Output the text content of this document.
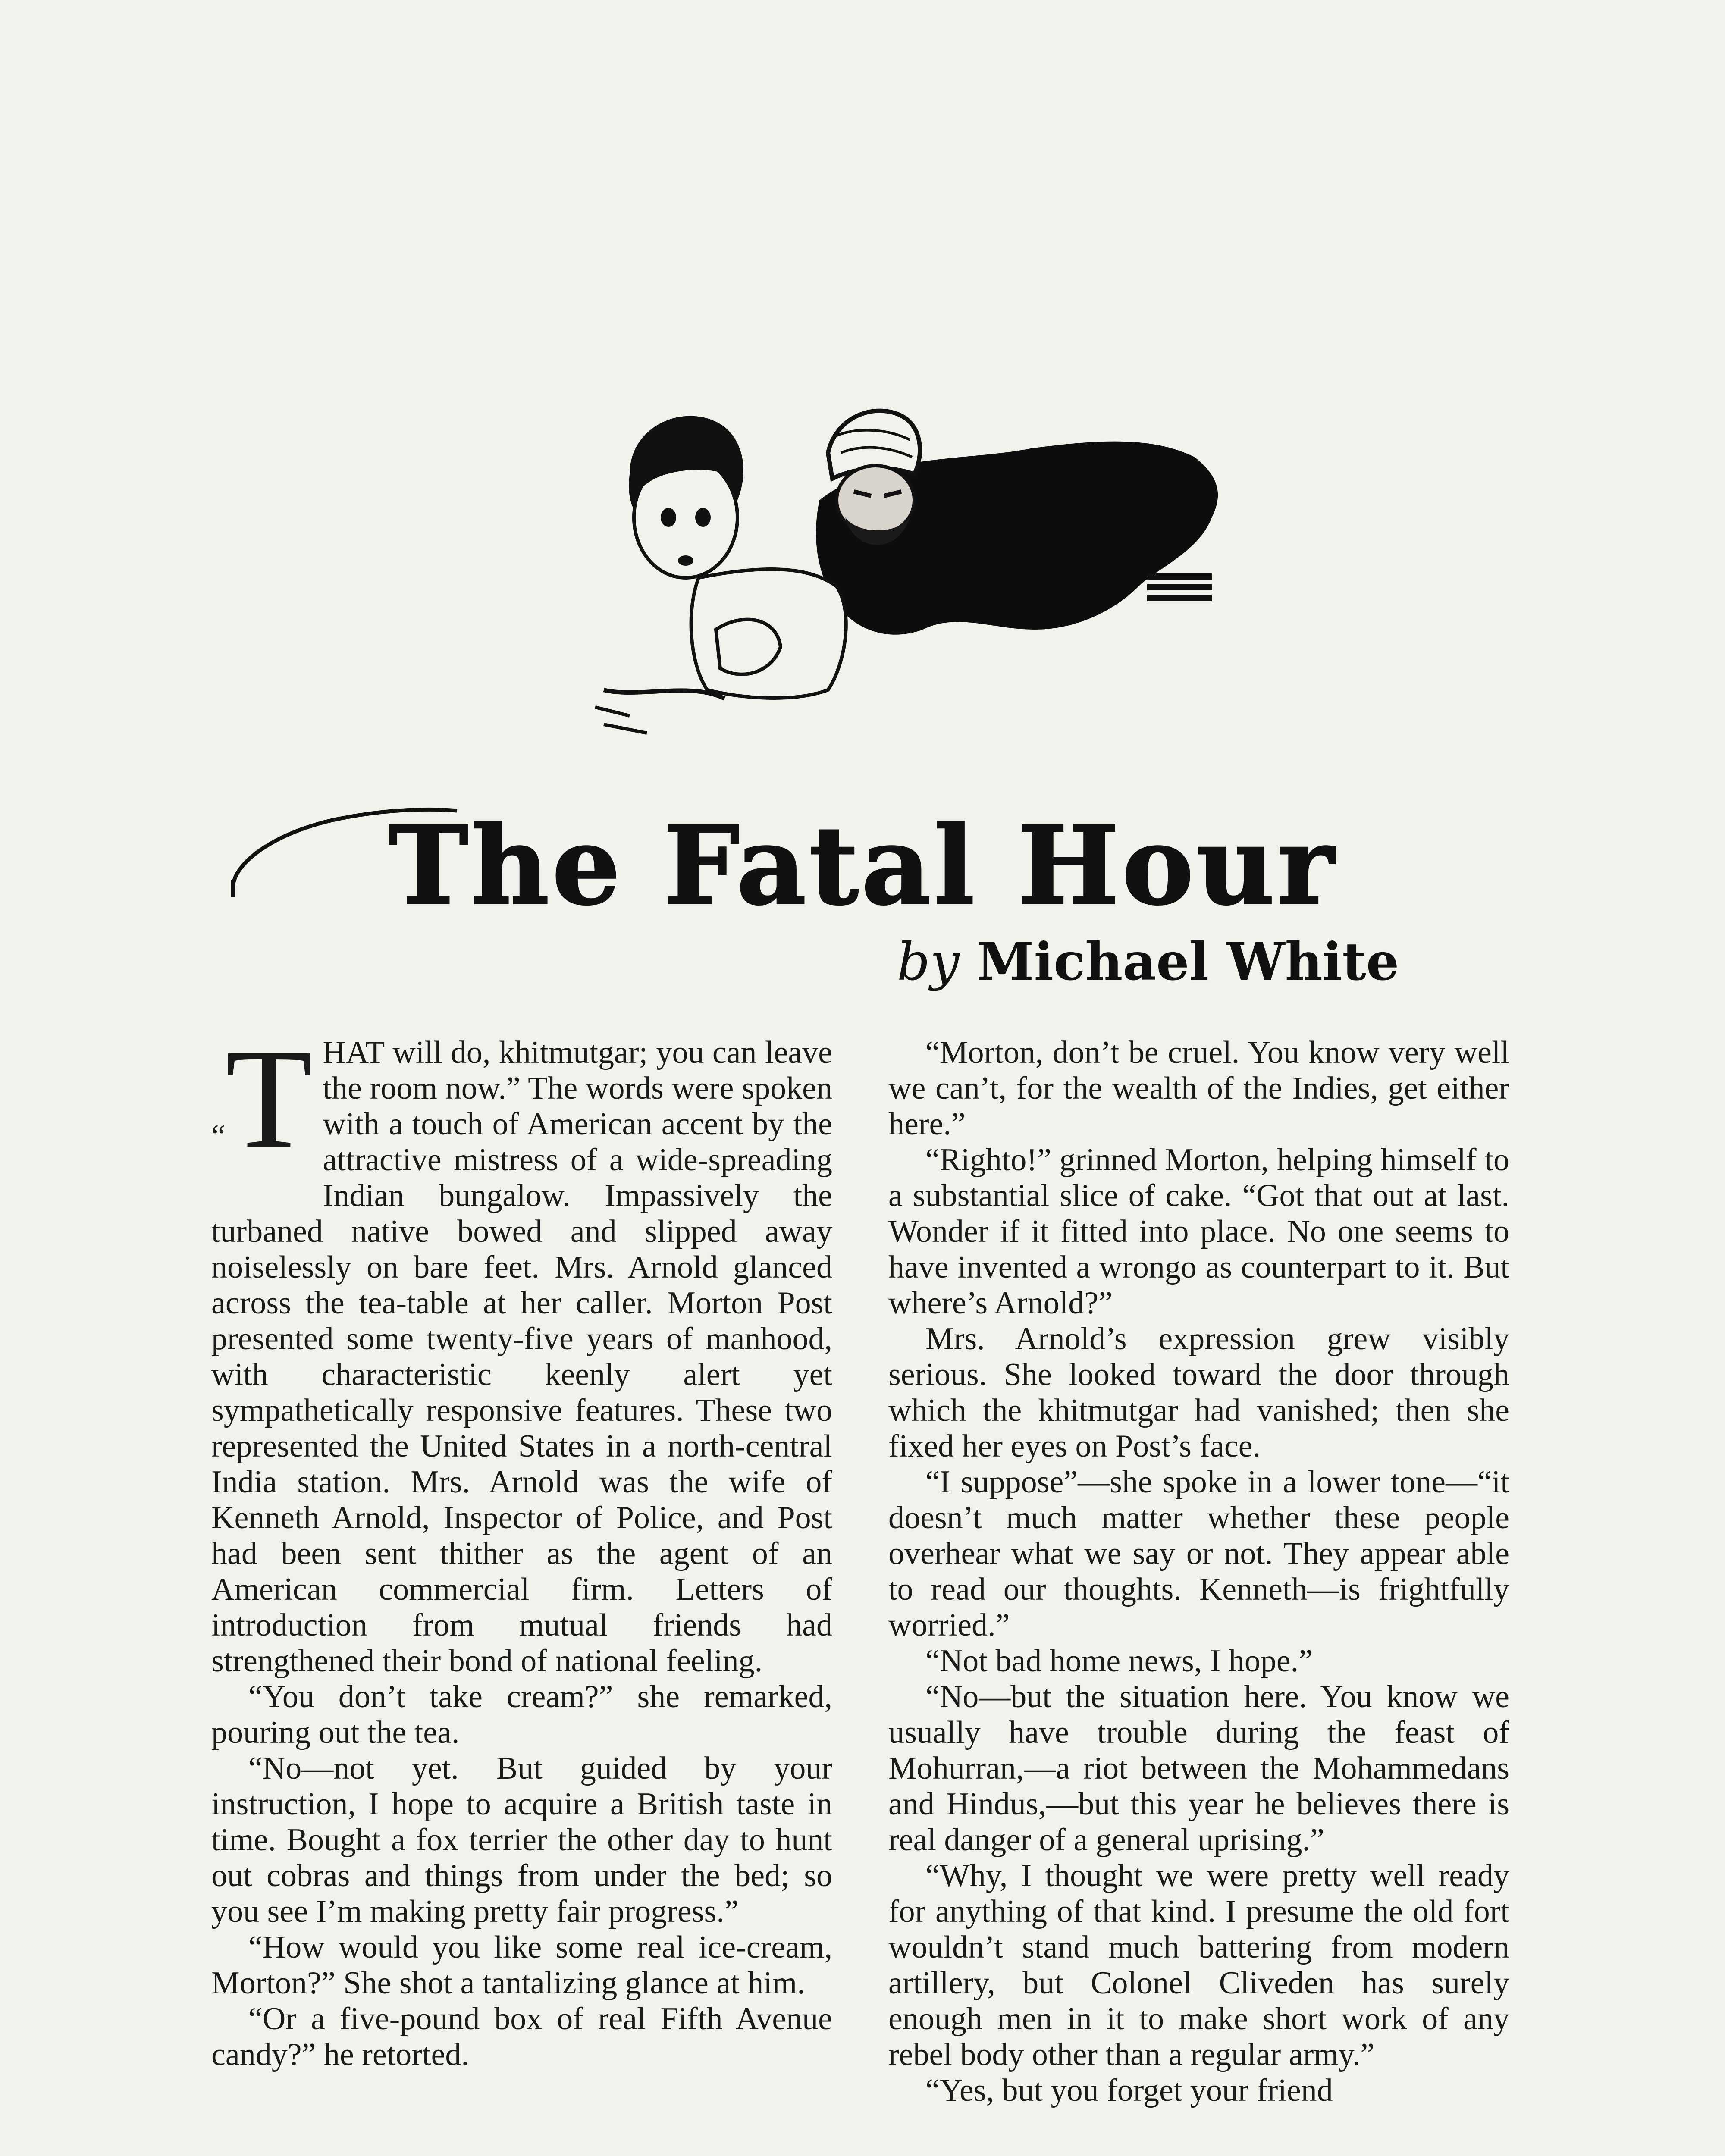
The Fatal Hour
by Michael White

“T HAT will do, khitmutgar; you can leave the room now.” The words were spoken with a touch of American accent by the attractive mistress of a wide-spreading Indian bungalow. Impassively the turbaned native bowed and slipped away noiselessly on bare feet. Mrs. Arnold glanced across the tea-table at her caller. Morton Post presented some twenty-five years of manhood, with characteristic keenly alert yet sympathetically responsive features. These two represented the United States in a north-central India station. Mrs. Arnold was the wife of Kenneth Arnold, Inspector of Police, and Post had been sent thither as the agent of an American commercial firm. Letters of introduction from mutual friends had strengthened their bond of national feeling.

“You don’t take cream?” she remarked, pouring out the tea.

“No—not yet. But guided by your instruction, I hope to acquire a British taste in time. Bought a fox terrier the other day to hunt out cobras and things from under the bed; so you see I’m making pretty fair progress.”

“How would you like some real ice-cream, Morton?” She shot a tantalizing glance at him.

“Or a five-pound box of real Fifth Avenue candy?” he retorted.

“Morton, don’t be cruel. You know very well we can’t, for the wealth of the Indies, get either here.”

“Righto!” grinned Morton, helping himself to a substantial slice of cake. “Got that out at last. Wonder if it fitted into place. No one seems to have invented a wrongo as counterpart to it. But where’s Arnold?”

Mrs. Arnold’s expression grew visibly serious. She looked toward the door through which the khitmutgar had vanished; then she fixed her eyes on Post’s face.

“I suppose”—she spoke in a lower tone—“it doesn’t much matter whether these people overhear what we say or not. They appear able to read our thoughts. Kenneth—is frightfully worried.”

“Not bad home news, I hope.”

“No—but the situation here. You know we usually have trouble during the feast of Mohurran,—a riot between the Mohammedans and Hindus,—but this year he believes there is real danger of a general uprising.”

“Why, I thought we were pretty well ready for anything of that kind. I presume the old fort wouldn’t stand much battering from modern artillery, but Colonel Cliveden has surely enough men in it to make short work of any rebel body other than a regular army.”

“Yes, but you forget your friend
